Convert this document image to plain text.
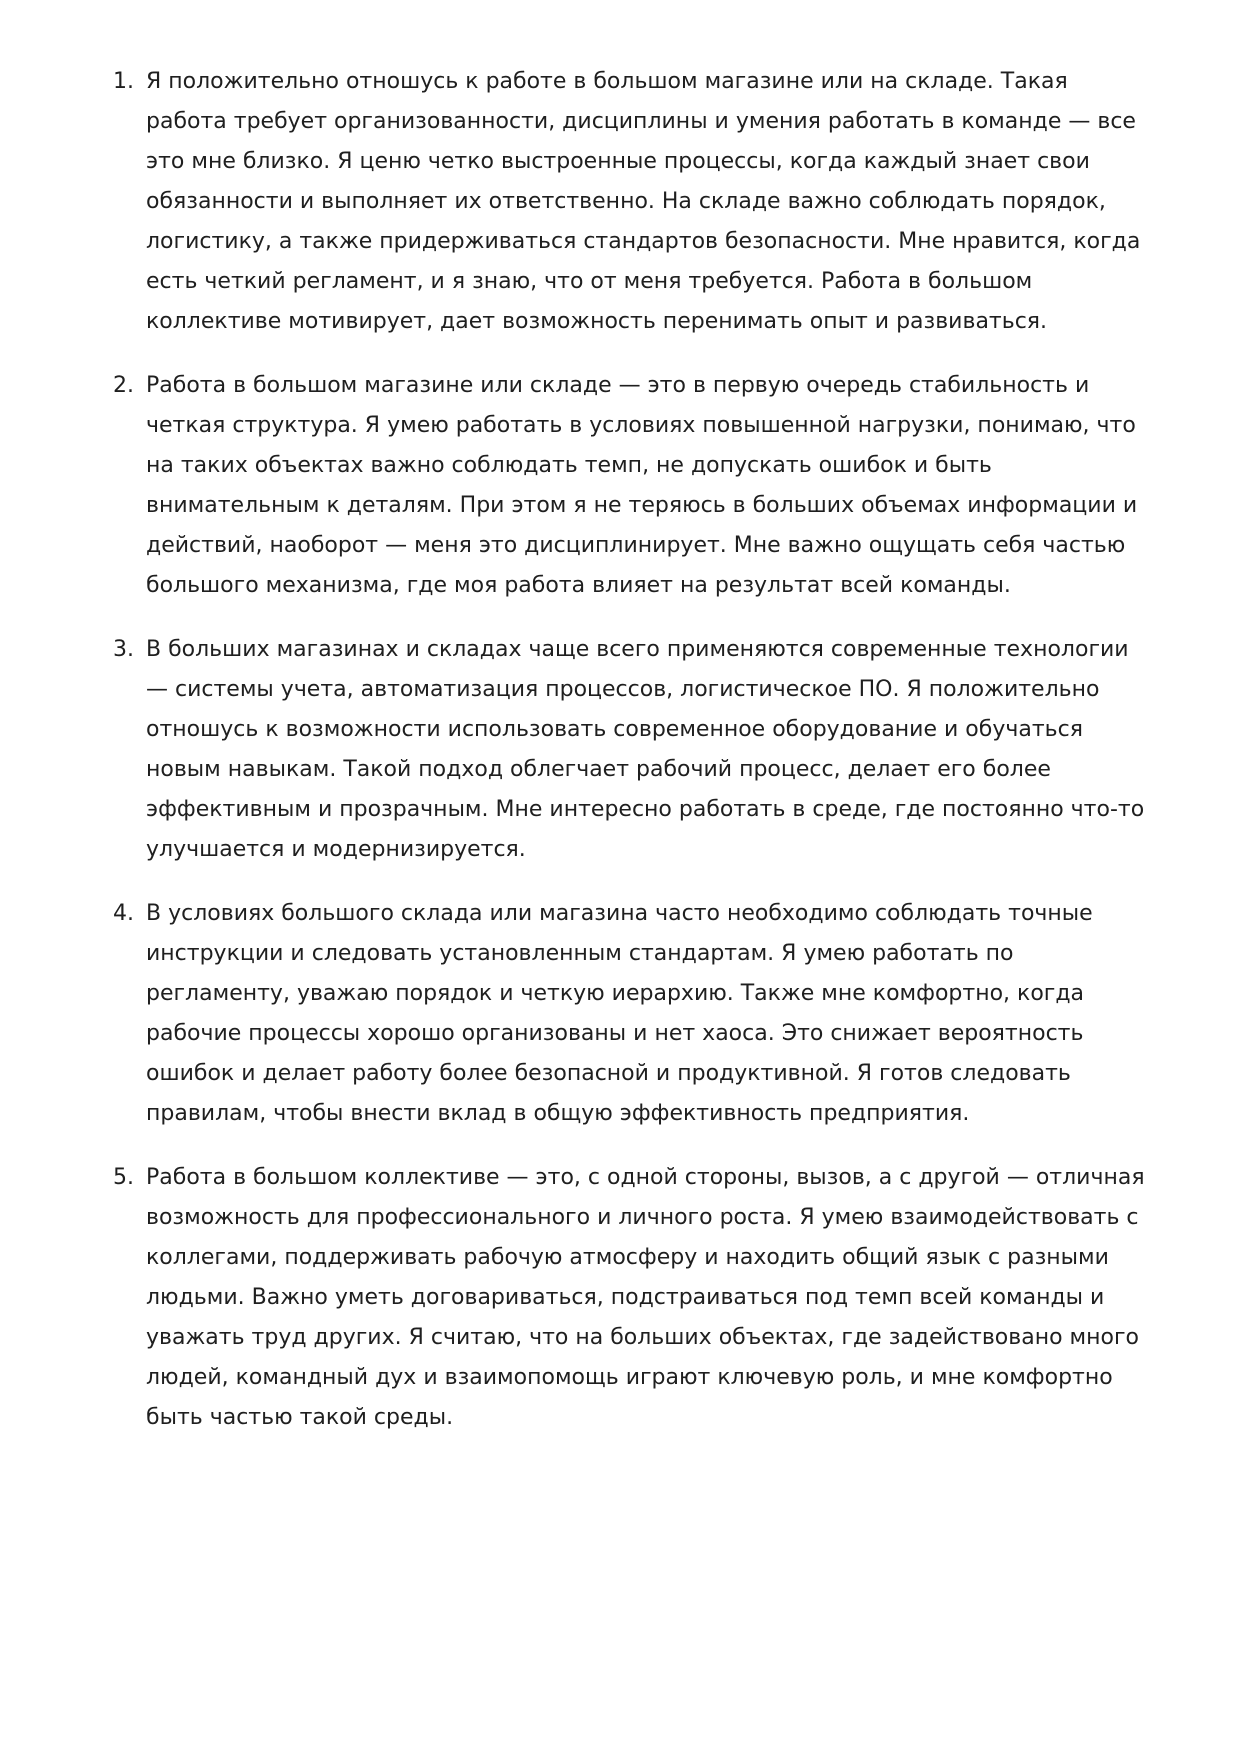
1. Я положительно отношусь к работе в большом магазине или на складе. Такая работа требует организованности, дисциплины и умения работать в команде — все это мне близко. Я ценю четко выстроенные процессы, когда каждый знает свои обязанности и выполняет их ответственно. На складе важно соблюдать порядок, логистику, а также придерживаться стандартов безопасности. Мне нравится, когда есть четкий регламент, и я знаю, что от меня требуется. Работа в большом коллективе мотивирует, дает возможность перенимать опыт и развиваться.
2. Работа в большом магазине или складе — это в первую очередь стабильность и четкая структура. Я умею работать в условиях повышенной нагрузки, понимаю, что на таких объектах важно соблюдать темп, не допускать ошибок и быть внимательным к деталям. При этом я не теряюсь в больших объемах информации и действий, наоборот — меня это дисциплинирует. Мне важно ощущать себя частью большого механизма, где моя работа влияет на результат всей команды.
3. В больших магазинах и складах чаще всего применяются современные технологии — системы учета, автоматизация процессов, логистическое ПО. Я положительно отношусь к возможности использовать современное оборудование и обучаться новым навыкам. Такой подход облегчает рабочий процесс, делает его более эффективным и прозрачным. Мне интересно работать в среде, где постоянно что-то улучшается и модернизируется.
4. В условиях большого склада или магазина часто необходимо соблюдать точные инструкции и следовать установленным стандартам. Я умею работать по регламенту, уважаю порядок и четкую иерархию. Также мне комфортно, когда рабочие процессы хорошо организованы и нет хаоса. Это снижает вероятность ошибок и делает работу более безопасной и продуктивной. Я готов следовать правилам, чтобы внести вклад в общую эффективность предприятия.
5. Работа в большом коллективе — это, с одной стороны, вызов, а с другой — отличная возможность для профессионального и личного роста. Я умею взаимодействовать с коллегами, поддерживать рабочую атмосферу и находить общий язык с разными людьми. Важно уметь договариваться, подстраиваться под темп всей команды и уважать труд других. Я считаю, что на больших объектах, где задействовано много людей, командный дух и взаимопомощь играют ключевую роль, и мне комфортно быть частью такой среды.
